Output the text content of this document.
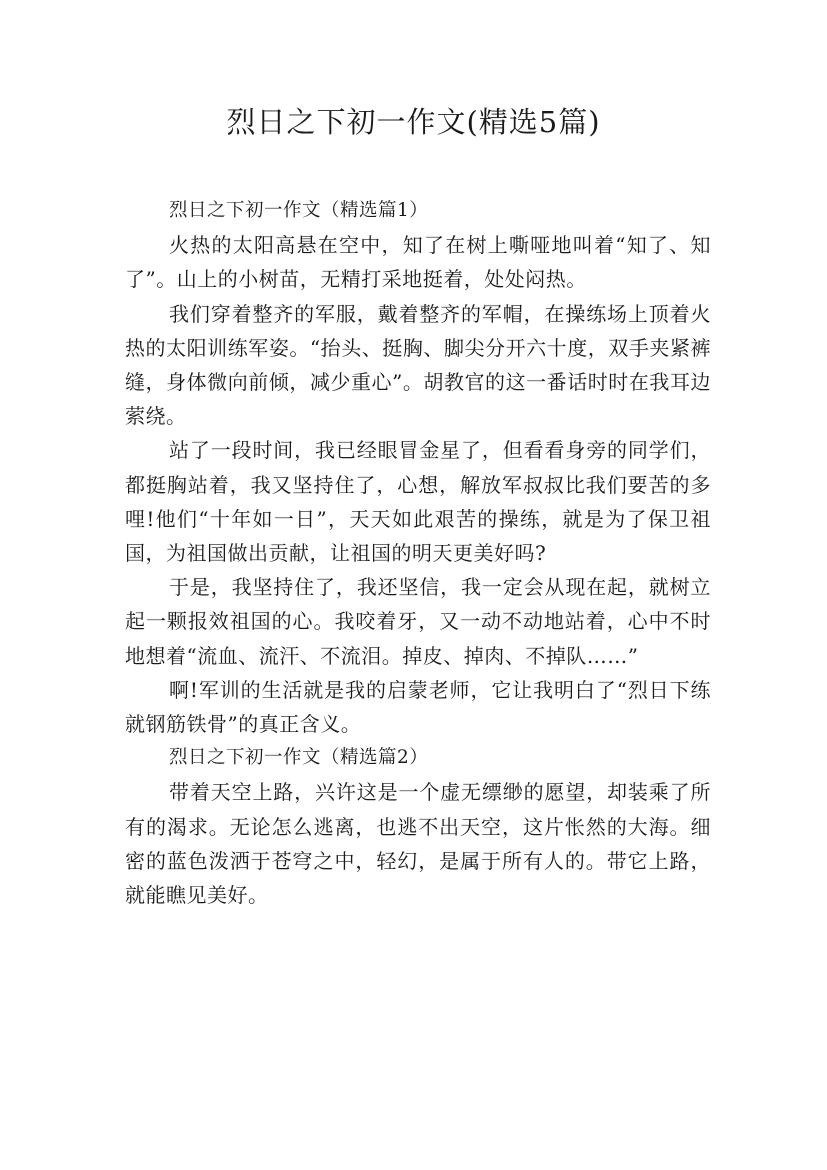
烈日之下初一作文(精选5篇)

烈日之下初一作文（精选篇1）

火热的太阳高悬在空中，知了在树上嘶哑地叫着“知了、知了”。山上的小树苗，无精打采地挺着，处处闷热。

我们穿着整齐的军服，戴着整齐的军帽，在操练场上顶着火热的太阳训练军姿。“抬头、挺胸、脚尖分开六十度，双手夹紧裤缝，身体微向前倾，减少重心”。胡教官的这一番话时时在我耳边萦绕。

站了一段时间，我已经眼冒金星了，但看看身旁的同学们，都挺胸站着，我又坚持住了，心想，解放军叔叔比我们要苦的多哩!他们“十年如一日”，天天如此艰苦的操练，就是为了保卫祖国，为祖国做出贡献，让祖国的明天更美好吗?

于是，我坚持住了，我还坚信，我一定会从现在起，就树立起一颗报效祖国的心。我咬着牙，又一动不动地站着，心中不时地想着“流血、流汗、不流泪。掉皮、掉肉、不掉队……”

啊!军训的生活就是我的启蒙老师，它让我明白了“烈日下练就钢筋铁骨”的真正含义。

烈日之下初一作文（精选篇2）

带着天空上路，兴许这是一个虚无缥缈的愿望，却装乘了所有的渴求。无论怎么逃离，也逃不出天空，这片怅然的大海。细密的蓝色泼洒于苍穹之中，轻幻，是属于所有人的。带它上路，就能瞧见美好。
